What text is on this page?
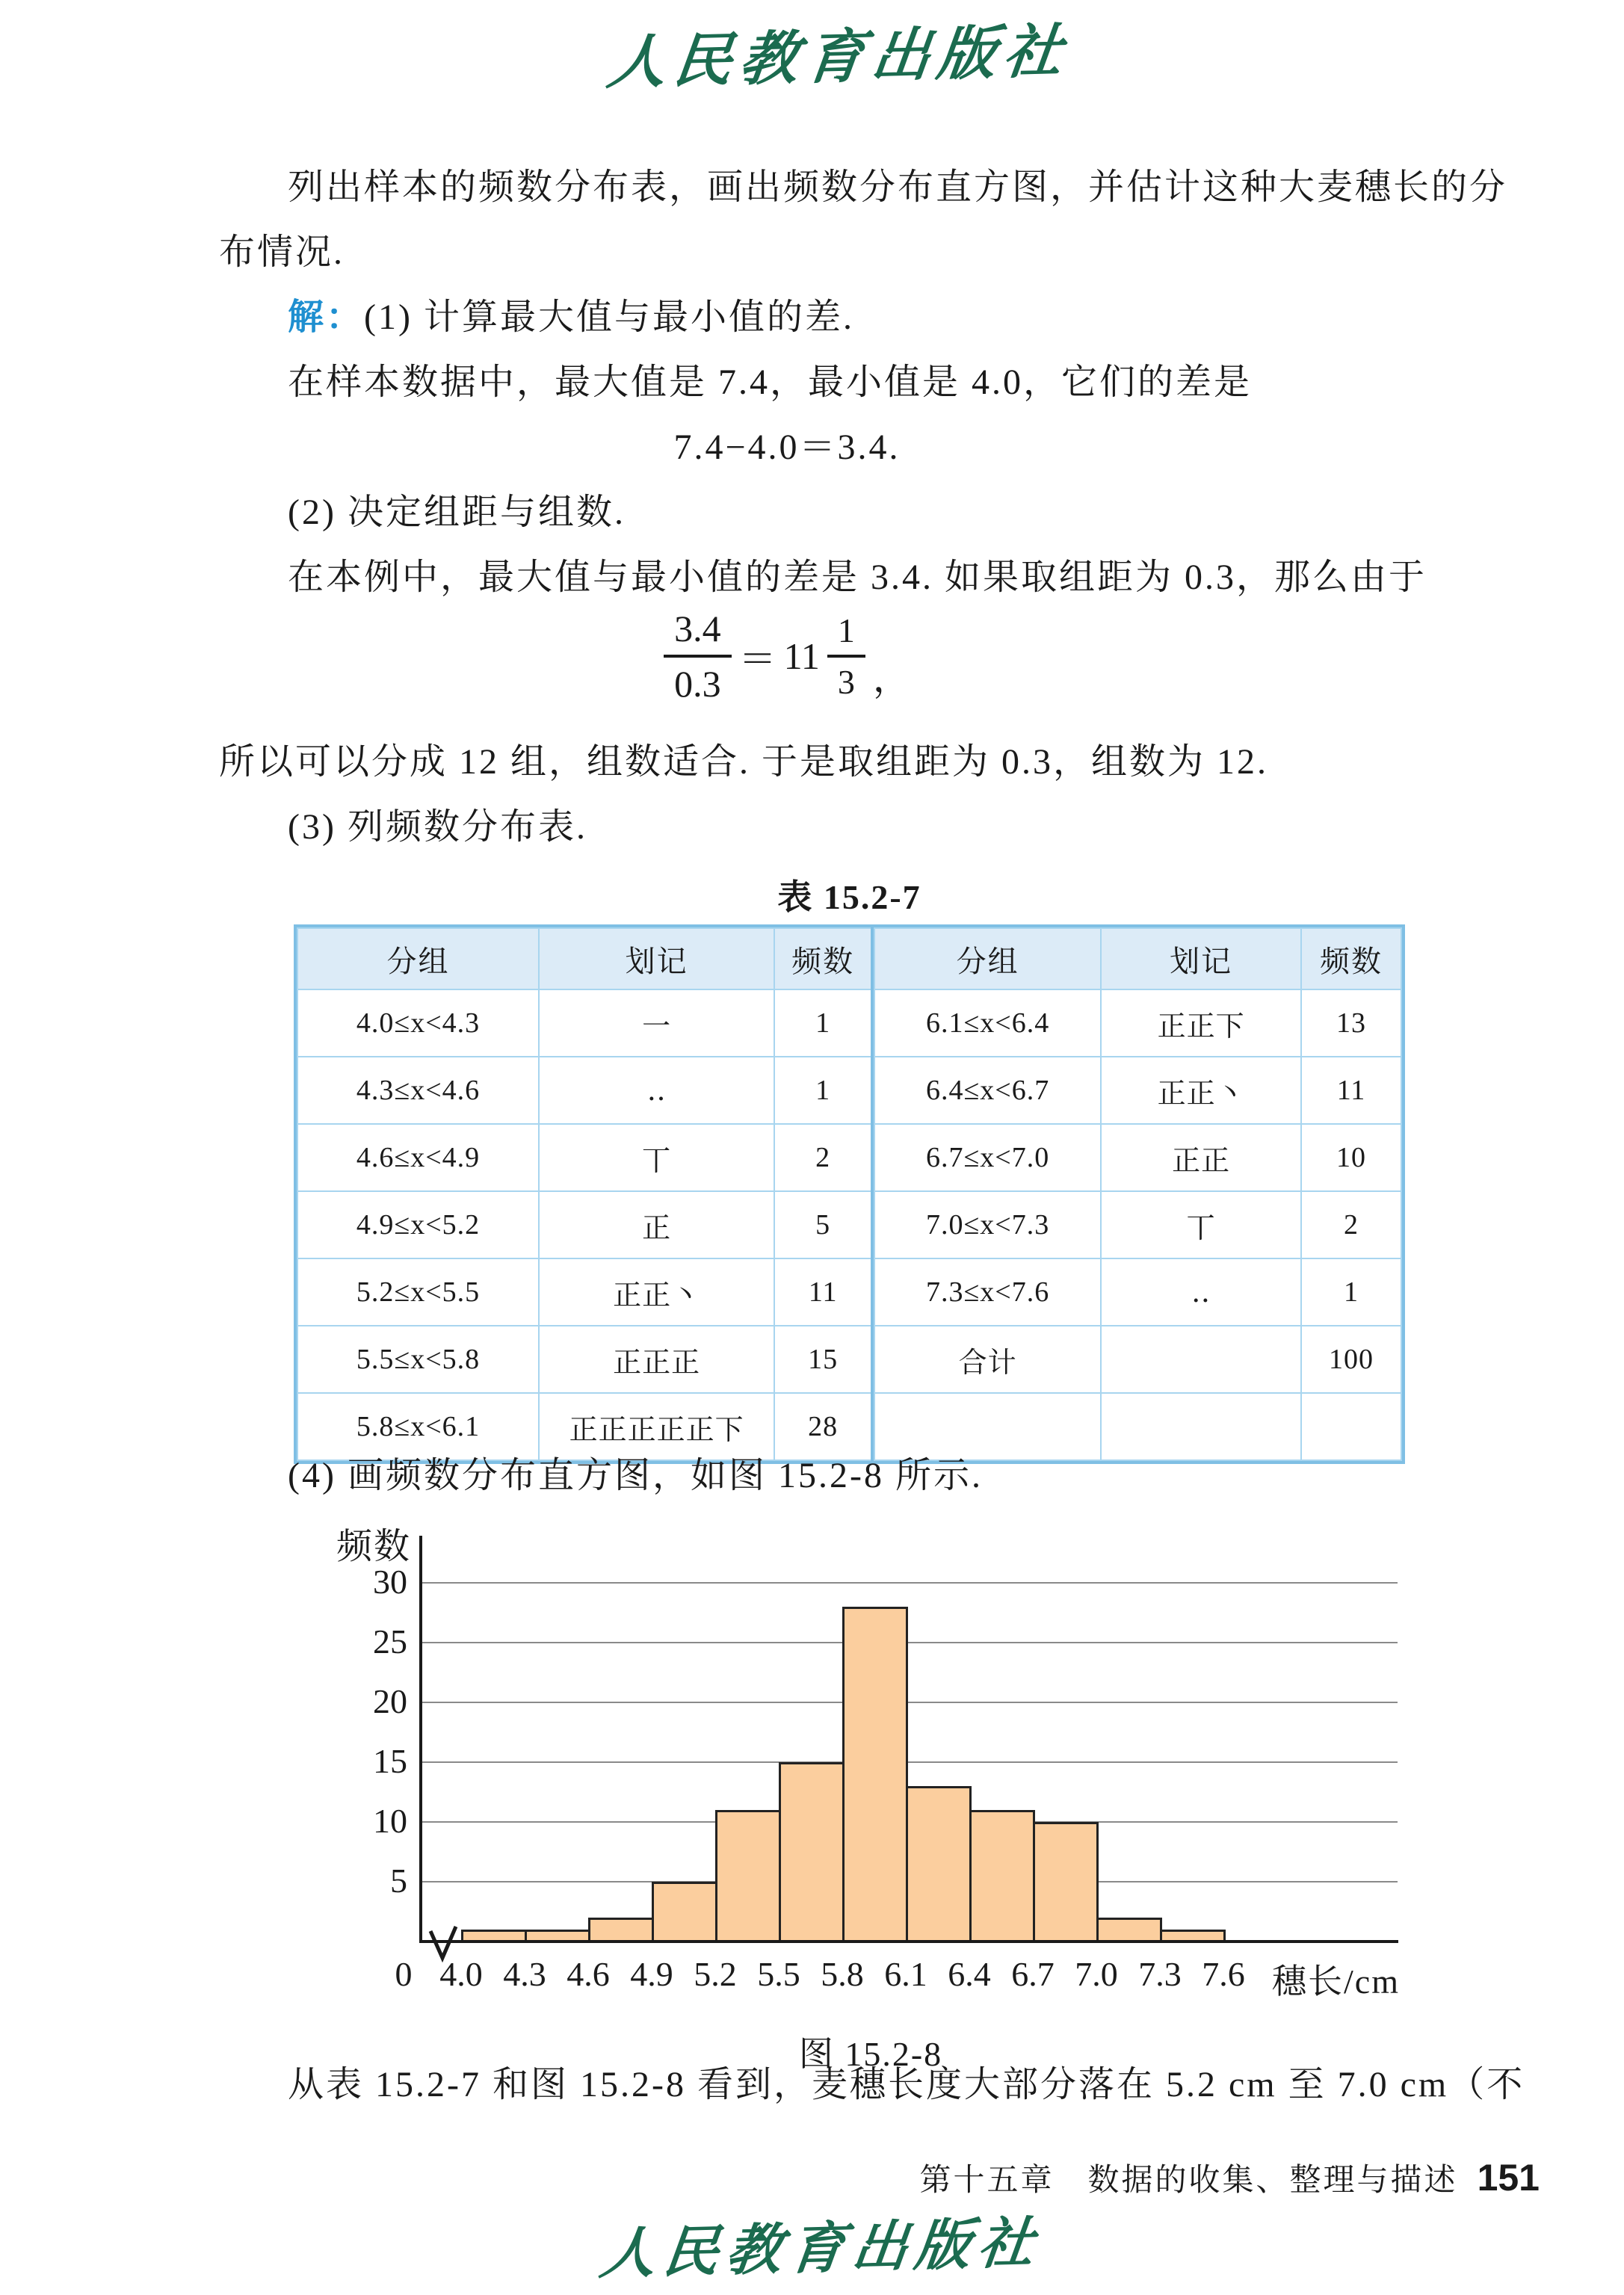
人民教育出版社
列出样本的频数分布表，画出频数分布直方图，并估计这种大麦穗长的分
布情况.
解：(1) 计算最大值与最小值的差.
在样本数据中，最大值是 7.4，最小值是 4.0，它们的差是
7.4−4.0＝3.4.
(2) 决定组距与组数.
在本例中，最大值与最小值的差是 3.4. 如果取组距为 0.3，那么由于
$\frac{3.4}{0.3} = 11 \frac{1}{3}$ ，
所以可以分成 12 组，组数适合. 于是取组距为 0.3，组数为 12.
(3) 列频数分布表.
表 15.2-7
分组	划记	频数
4.0≤x<4.3	一	1
4.3≤x<4.6	‥	1
4.6≤x<4.9	丅	2
4.9≤x<5.2	正	5
5.2≤x<5.5	正正丶	11
5.5≤x<5.8	正正正	15
5.8≤x<6.1	正正正正正下	28
分组	划记	频数
6.1≤x<6.4	正正下	13
6.4≤x<6.7	正正丶	11
6.7≤x<7.0	正正	10
7.0≤x<7.3	丅	2
7.3≤x<7.6	‥	1
合计		100

(4) 画频数分布直方图，如图 15.2-8 所示.
频数
5
10
15
20
25
30
0 4.0 4.3 4.6 4.9 5.2 5.5 5.8 6.1 6.4 6.7 7.0 7.3 7.6 穗长/cm
图 15.2-8
从表 15.2-7 和图 15.2-8 看到，麦穗长度大部分落在 5.2 cm 至 7.0 cm（不
第十五章　数据的收集、整理与描述 151
人民教育出版社
